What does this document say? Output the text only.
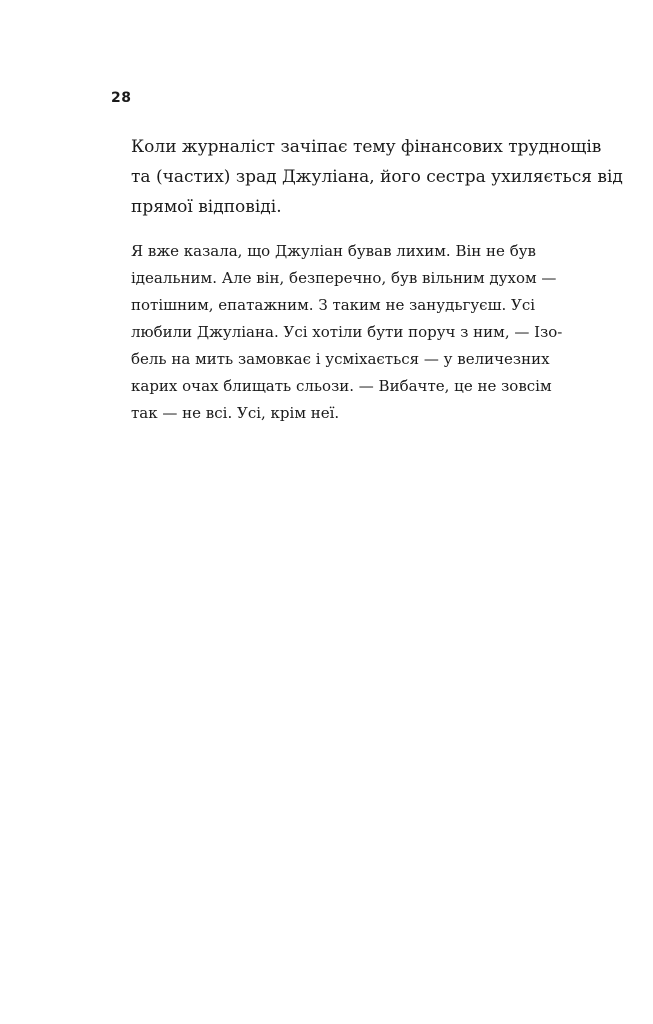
28

Коли журналіст зачіпає тему фінансових труднощів
та (частих) зрад Джуліана, його сестра ухиляється від
прямої відповіді.

Я вже казала, що Джуліан бував лихим. Він не був
ідеальним. Але він, безперечно, був вільним духом —
потішним, епатажним. З таким не занудьгуєш. Усі
любили Джуліана. Усі хотіли бути поруч з ним, — Ізо-
бель на мить замовкає і усміхається — у величезних
карих очах блищать сльози. — Вибачте, це не зовсім
так — не всі. Усі, крім неї.
